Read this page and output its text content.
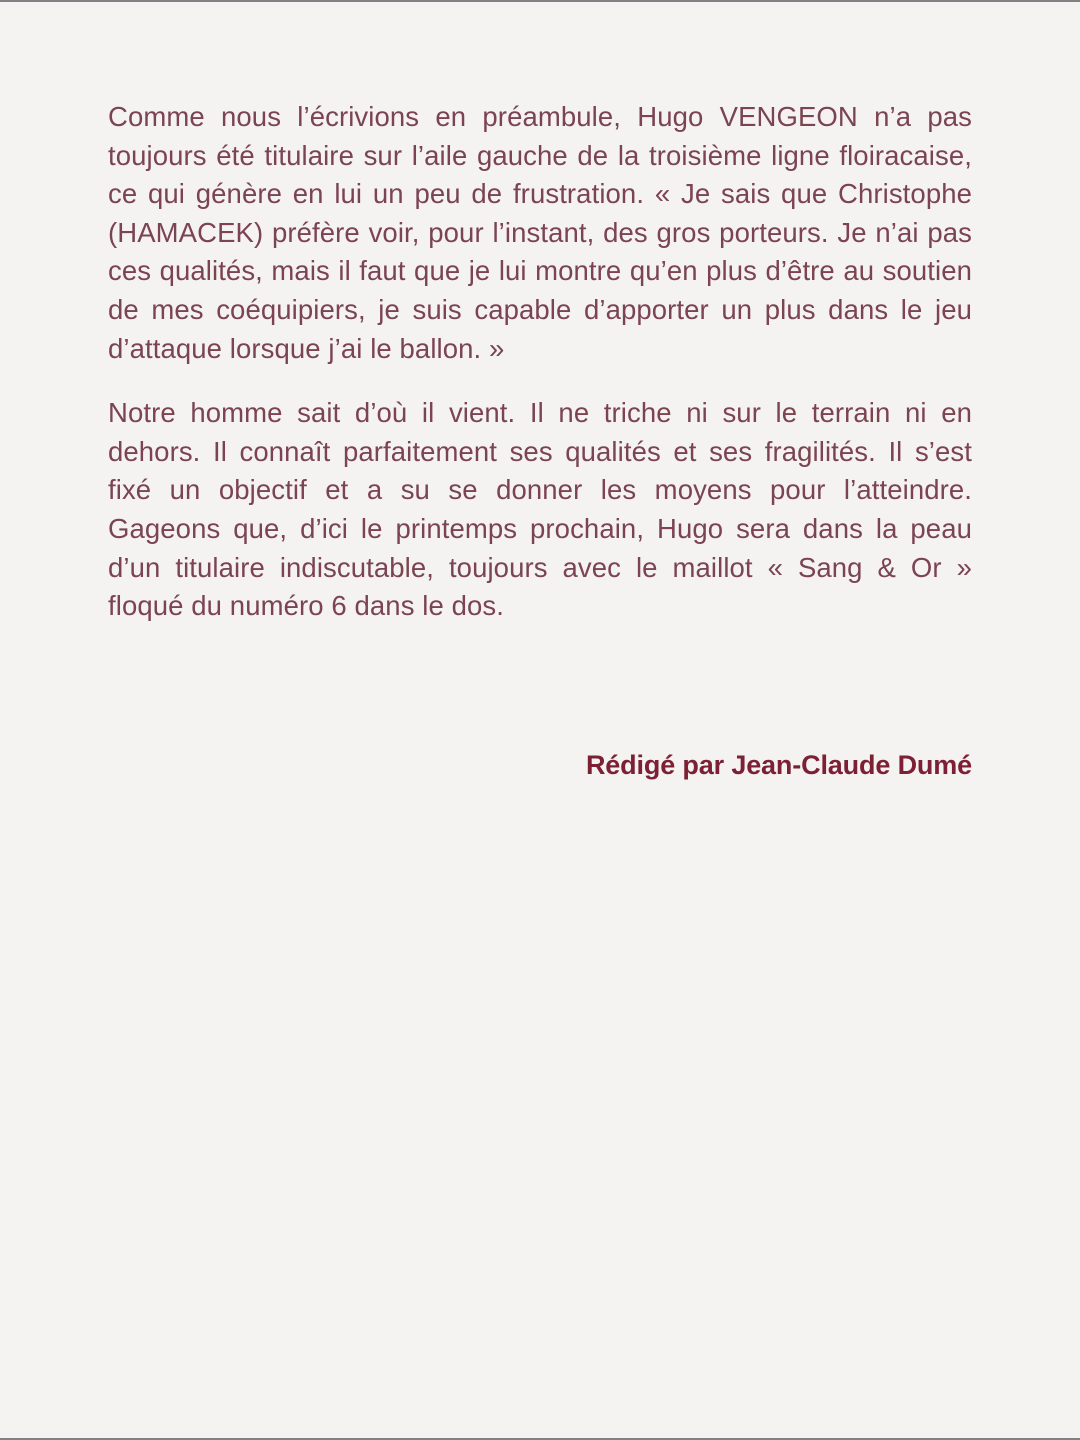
Comme nous l’écrivions en préambule, Hugo VENGEON n’a pas toujours été titulaire sur l’aile gauche de la troisième ligne floiracaise, ce qui génère en lui un peu de frustration. « Je sais que Christophe (HAMACEK) préfère voir, pour l’instant, des gros porteurs. Je n’ai pas ces qualités, mais il faut que je lui montre qu’en plus d’être au soutien de mes coéquipiers, je suis capable d’apporter un plus dans le jeu d’attaque lorsque j’ai le ballon. »

Notre homme sait d’où il vient. Il ne triche ni sur le terrain ni en dehors. Il connaît parfaitement ses qualités et ses fragilités. Il s’est fixé un objectif et a su se donner les moyens pour l’atteindre. Gageons que, d’ici le printemps prochain, Hugo sera dans la peau d’un titulaire indiscutable, toujours avec le maillot « Sang & Or » floqué du numéro 6 dans le dos.

Rédigé par Jean-Claude Dumé
